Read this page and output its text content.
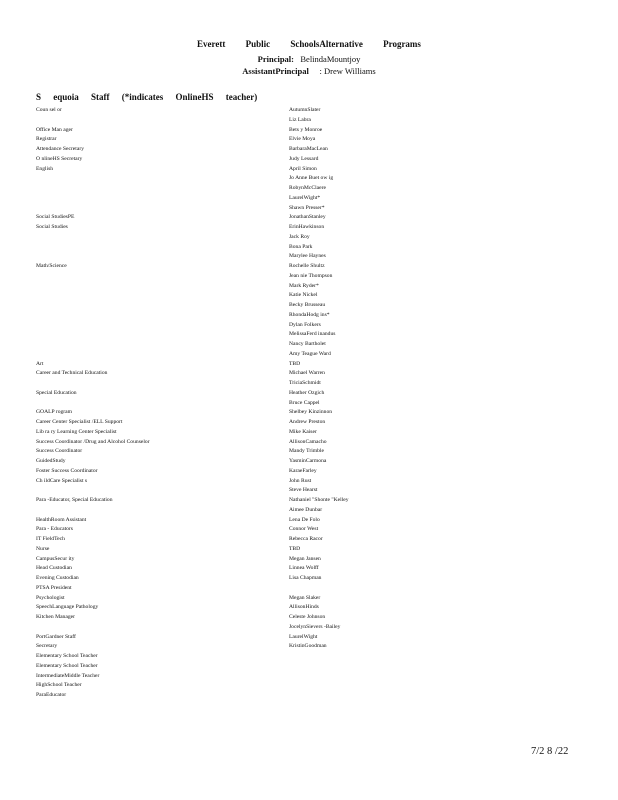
Everett Public SchoolsAlternative Programs
Principal: BelindaMountjoy
AssistantPrincipal : Drew Williams
S equoia Staff (*indicates OnlineHS teacher)
Coun sel or
Office Man ager
Registrar
Attendance Secretary
O nlineHS Secretary
English
Social StudiesPE
Social Studies
Math/Science
Art
Career and Technical Education
Special Education
GOALP rogram
Career Center Specialist /ELL Support
Lib ra ry Learning Center Specialist
Success Coordinator /Drug and Alcohol Counselor
Success Coordinator
GuidedStudy
Foster Success Coordinator
Ch ildCare Specialist s
Para -Educator, Special Education
HealthRoom Assistant
Para - Educators
IT FieldTech
Nurse
CampusSecur ity
Head Custodian
Evening Custodian
PTSA President
Psychologist
SpeechLanguage Pathology
Kitchen Manager
PortGardner Staff
Secretary
Elementary School Teacher
Elementary School Teacher
IntermediateMiddle Teacher
HighSchool Teacher
ParaEducator
AutumnSlater
Liz Labra
Bets y Monroe
Elvie Moya
BarbaraMacLean
Judy Lessard
April Simon
Jo Anne Buet ow ig
RobynMcClaere
LaurelWight*
Shawn Presser*
JonathanStanley
ErinHawkinson
Jack Roy
Bona Park
Marylee Haynes
Rochelle Shultz
Jean nie Thompson
Mark Ryder*
Katie Nickel
Becky Brusseau
RhondaHodg ins*
Dylan Folkers
MelissaFerd inandus
Nancy Bartholet
Amy Teague Ward
TBD
Michael Warren
TriciaSchmidt
Heather Ozgich
Bruce Cappel
Shelbey Kinzinnon
Andrew Preston
Mike Kaiser
AllisonCamacho
Mandy Trimble
YasminCarmona
KaraeFarley
John Rust
Steve Hearst
Nathaniel "Shonte "Kelley
Aimee Dunbar
Lena De Folo
Connor West
Rebecca Racor
TBD
Megan Jansen
Linnea Wolff
Lisa Chapman
Megan Slaker
AllisonHinds
Celeste Johnson
JocelynSievers -Bailey
LaurelWight
KristinGoodman
7/2 8 /22
